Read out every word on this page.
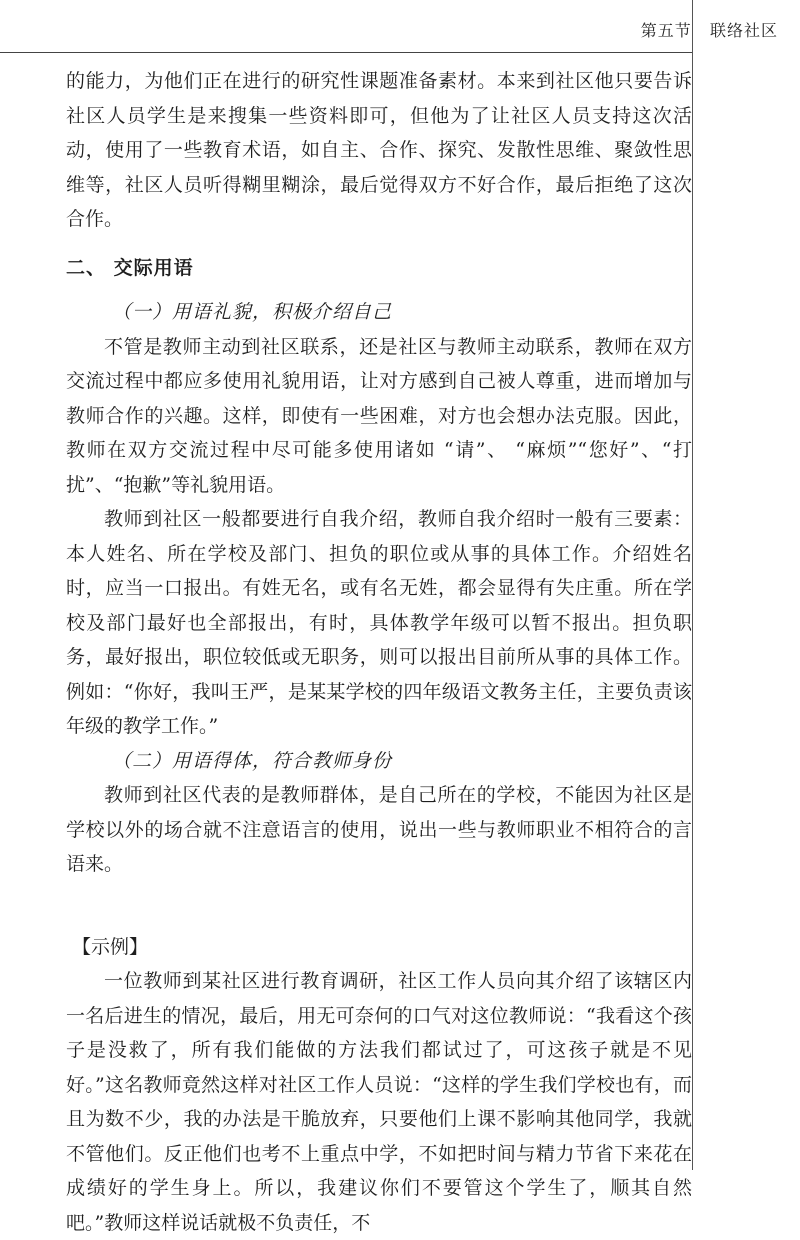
第五节   联络社区

的能力，为他们正在进行的研究性课题准备素材。本来到社区他只要告诉社区人员学生是来搜集一些资料即可，但他为了让社区人员支持这次活动，使用了一些教育术语，如自主、合作、探究、发散性思维、聚敛性思维等，社区人员听得糊里糊涂，最后觉得双方不好合作，最后拒绝了这次合作。

二、 交际用语

（一）用语礼貌，积极介绍自己

不管是教师主动到社区联系，还是社区与教师主动联系，教师在双方交流过程中都应多使用礼貌用语，让对方感到自己被人尊重，进而增加与教师合作的兴趣。这样，即使有一些困难，对方也会想办法克服。因此，教师在双方交流过程中尽可能多使用诸如 “请”、 “麻烦”“您好”、“打扰”、“抱歉”等礼貌用语。

教师到社区一般都要进行自我介绍，教师自我介绍时一般有三要素：本人姓名、所在学校及部门、担负的职位或从事的具体工作。介绍姓名时，应当一口报出。有姓无名，或有名无姓，都会显得有失庄重。所在学校及部门最好也全部报出，有时，具体教学年级可以暂不报出。担负职务，最好报出，职位较低或无职务，则可以报出目前所从事的具体工作。例如：“你好，我叫王严，是某某学校的四年级语文教务主任，主要负责该年级的教学工作。”

（二）用语得体，符合教师身份

教师到社区代表的是教师群体，是自己所在的学校，不能因为社区是学校以外的场合就不注意语言的使用，说出一些与教师职业不相符合的言语来。

【示例】

一位教师到某社区进行教育调研，社区工作人员向其介绍了该辖区内一名后进生的情况，最后，用无可奈何的口气对这位教师说：“我看这个孩子是没救了，所有我们能做的方法我们都试过了，可这孩子就是不见好。”这名教师竟然这样对社区工作人员说：“这样的学生我们学校也有，而且为数不少，我的办法是干脆放弃，只要他们上课不影响其他同学，我就不管他们。反正他们也考不上重点中学，不如把时间与精力节省下来花在成绩好的学生身上。所以，我建议你们不要管这个学生了，顺其自然吧。”教师这样说话就极不负责任，不
